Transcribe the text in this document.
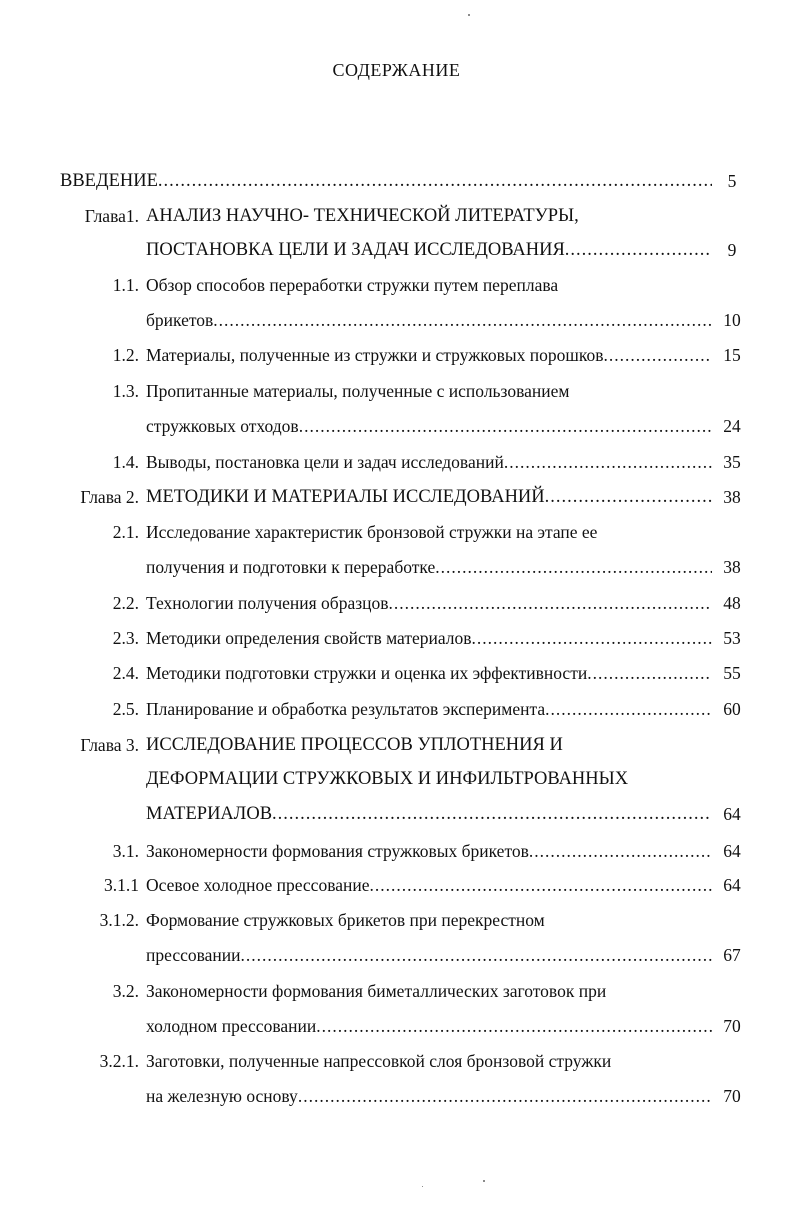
СОДЕРЖАНИЕ
ВВЕДЕНИЕ .....	5
Глава1. АНАЛИЗ НАУЧНО- ТЕХНИЧЕСКОЙ ЛИТЕРАТУРЫ,
ПОСТАНОВКА ЦЕЛИ И ЗАДАЧ ИССЛЕДОВАНИЯ .....	9
1.1. Обзор способов переработки стружки путем переплава
брикетов .....	10
1.2. Материалы, полученные из стружки и стружковых порошков .....	15
1.3. Пропитанные материалы, полученные с использованием
стружковых отходов .....	24
1.4. Выводы, постановка цели и задач исследований .....	35
Глава 2. МЕТОДИКИ И МАТЕРИАЛЫ ИССЛЕДОВАНИЙ .....	38
2.1. Исследование характеристик бронзовой стружки на этапе ее
получения и подготовки к переработке .....	38
2.2. Технологии получения образцов .....	48
2.3. Методики определения свойств материалов .....	53
2.4. Методики подготовки стружки и оценка их эффективности .....	55
2.5. Планирование и обработка результатов эксперимента .....	60
Глава 3. ИССЛЕДОВАНИЕ ПРОЦЕССОВ УПЛОТНЕНИЯ И
ДЕФОРМАЦИИ СТРУЖКОВЫХ И ИНФИЛЬТРОВАННЫХ
МАТЕРИАЛОВ .....	64
3.1. Закономерности формования стружковых брикетов .....	64
3.1.1 Осевое холодное прессование .....	64
3.1.2. Формование стружковых брикетов при перекрестном
прессовании .....	67
3.2. Закономерности формования биметаллических заготовок при
холодном прессовании .....	70
3.2.1. Заготовки, полученные напрессовкой слоя бронзовой стружки
на железную основу .....	70
